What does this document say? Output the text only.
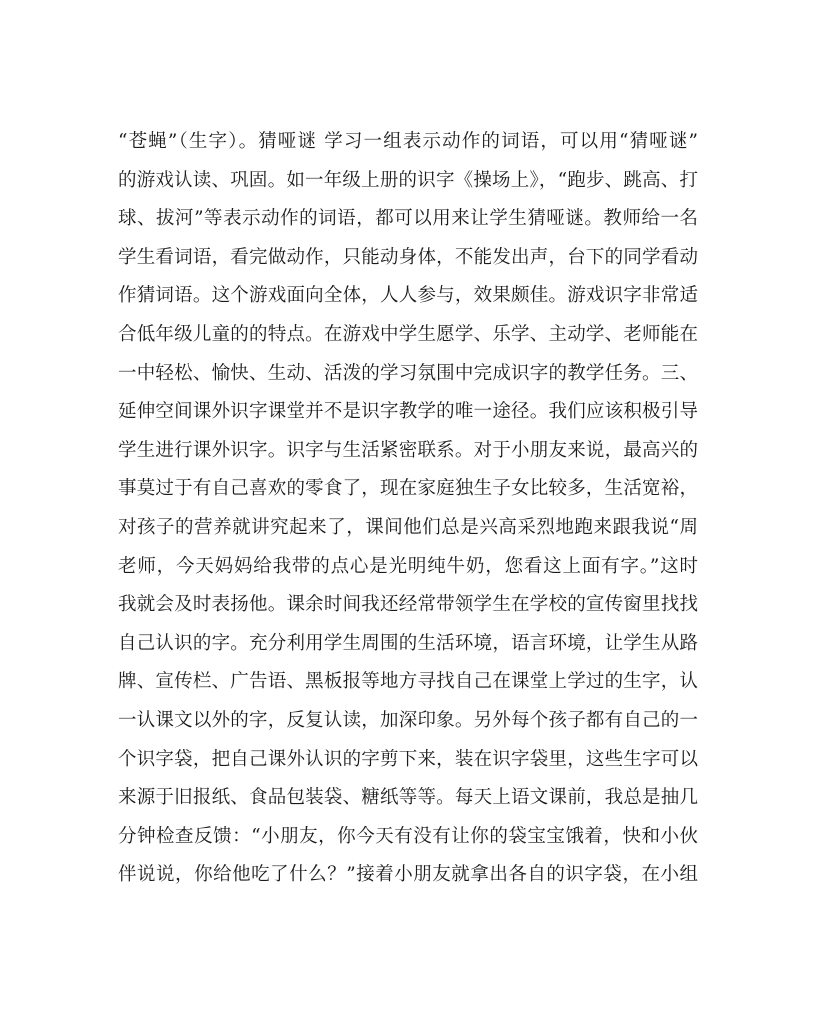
“苍蝇”（生字）。猜哑谜 学习一组表示动作的词语，可以用“猜哑谜”
的游戏认读、巩固。如一年级上册的识字《操场上》，“跑步、跳高、打
球、拔河”等表示动作的词语，都可以用来让学生猜哑谜。教师给一名
学生看词语，看完做动作，只能动身体，不能发出声，台下的同学看动
作猜词语。这个游戏面向全体，人人参与，效果颇佳。游戏识字非常适
合低年级儿童的的特点。在游戏中学生愿学、乐学、主动学、老师能在
一中轻松、愉快、生动、活泼的学习氛围中完成识字的教学任务。三、
延伸空间课外识字课堂并不是识字教学的唯一途径。我们应该积极引导
学生进行课外识字。识字与生活紧密联系。对于小朋友来说，最高兴的
事莫过于有自己喜欢的零食了，现在家庭独生子女比较多，生活宽裕，
对孩子的营养就讲究起来了，课间他们总是兴高采烈地跑来跟我说“周
老师，今天妈妈给我带的点心是光明纯牛奶，您看这上面有字。”这时
我就会及时表扬他。课余时间我还经常带领学生在学校的宣传窗里找找
自己认识的字。充分利用学生周围的生活环境，语言环境，让学生从路
牌、宣传栏、广告语、黑板报等地方寻找自己在课堂上学过的生字，认
一认课文以外的字，反复认读，加深印象。另外每个孩子都有自己的一
个识字袋，把自己课外认识的字剪下来，装在识字袋里，这些生字可以
来源于旧报纸、食品包装袋、糖纸等等。每天上语文课前，我总是抽几
分钟检查反馈：“小朋友，你今天有没有让你的袋宝宝饿着，快和小伙
伴说说，你给他吃了什么？”接着小朋友就拿出各自的识字袋，在小组
